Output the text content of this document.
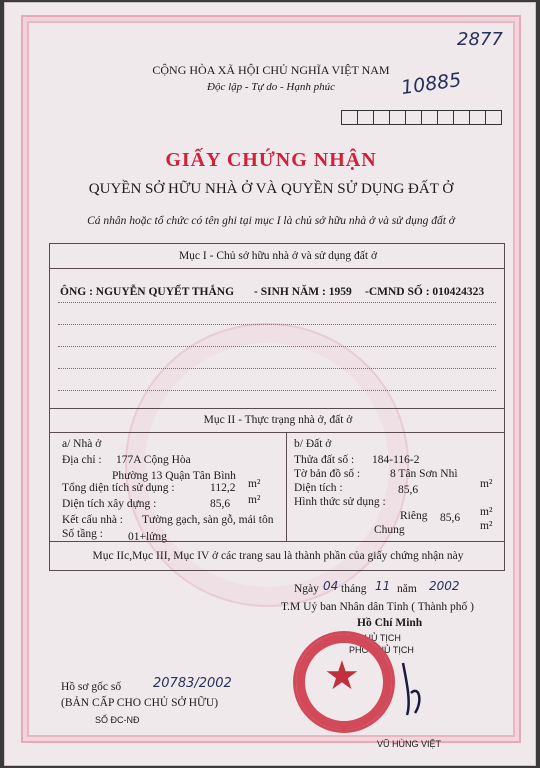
2877
10885
CỘNG HÒA XÃ HỘI CHỦ NGHĨA VIỆT NAM
Độc lập - Tự do - Hạnh phúc
GIẤY CHỨNG NHẬN
QUYỀN SỞ HỮU NHÀ Ở VÀ QUYỀN SỬ DỤNG ĐẤT Ở
Cá nhân hoặc tổ chức có tên ghi tại mục I là chủ sở hữu nhà ở và sử dụng đất ở
Mục I - Chủ sở hữu nhà ở và sử dụng đất ở
ÔNG : NGUYỄN QUYẾT THẮNG - SINH NĂM : 1959 -CMND SỐ : 010424323
Mục II - Thực trạng nhà ở, đất ở
a/ Nhà ở
Địa chỉ : 177A Cộng Hòa
Phường 13 Quận Tân Bình
Tổng diện tích sử dụng :	112,2 m²
Diện tích xây dựng :	85,6 m²
Kết cấu nhà : Tường gạch, sàn gỗ, mái tôn
Số tầng : 01+lửng
b/ Đất ở
Thửa đất số : 184-116-2
Tờ bản đồ số :	8 Tân Sơn Nhì
Diện tích :	85,6	m²
Hình thức sử dụng :
Riêng 85,6 m²
Chung	m²
Mục IIc,Mục III, Mục IV ở các trang sau là thành phần của giấy chứng nhận này
Ngày 04 tháng 11 năm 2002
T.M Uỷ ban Nhân dân Tỉnh ( Thành phố )
Hồ Chí Minh
KT.CHỦ TỊCH
PHÓ CHỦ TỊCH
★
VŨ HÙNG VIỆT
Hồ sơ gốc số 20783/2002
(BẢN CẤP CHO CHỦ SỞ HỮU)
SỐ ĐC-NĐ
